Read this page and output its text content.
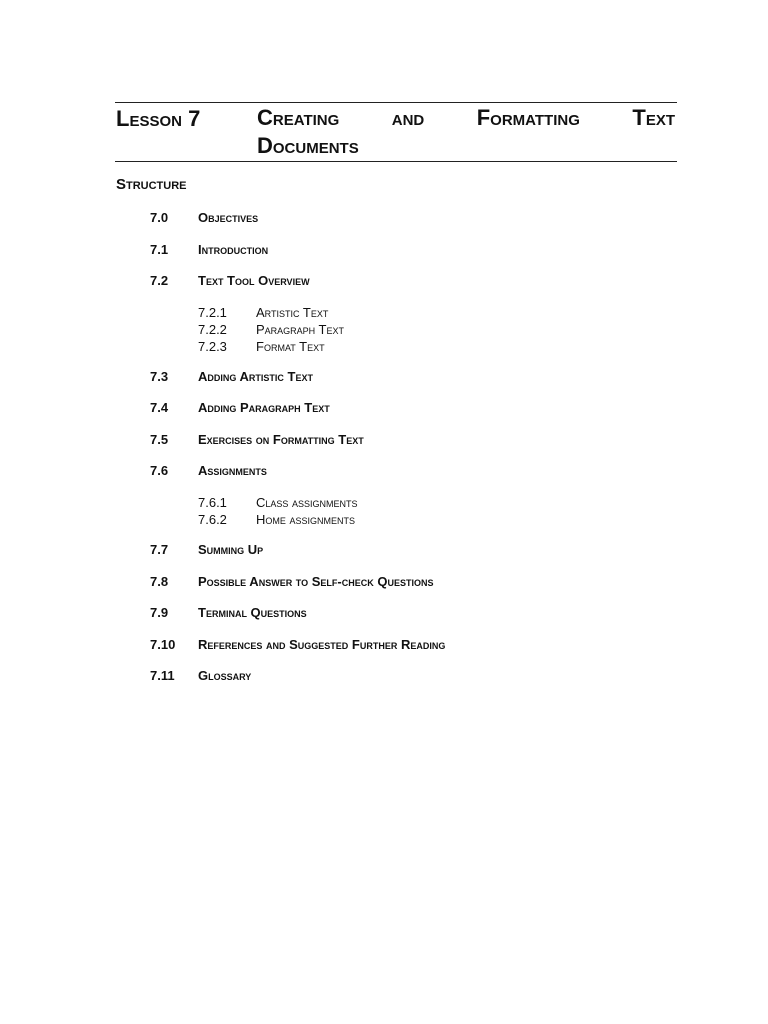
Lesson 7	Creating and Formatting Text
Documents
Structure
7.0 Objectives
7.1 Introduction
7.2 Text Tool Overview
7.2.1 Artistic Text
7.2.2 Paragraph Text
7.2.3 Format Text
7.3 Adding Artistic Text
7.4 Adding Paragraph Text
7.5 Exercises on Formatting Text
7.6 Assignments
7.6.1 Class assignments
7.6.2 Home assignments
7.7 Summing Up
7.8 Possible Answer to Self-check Questions
7.9 Terminal Questions
7.10 References and Suggested Further Reading
7.11 Glossary
